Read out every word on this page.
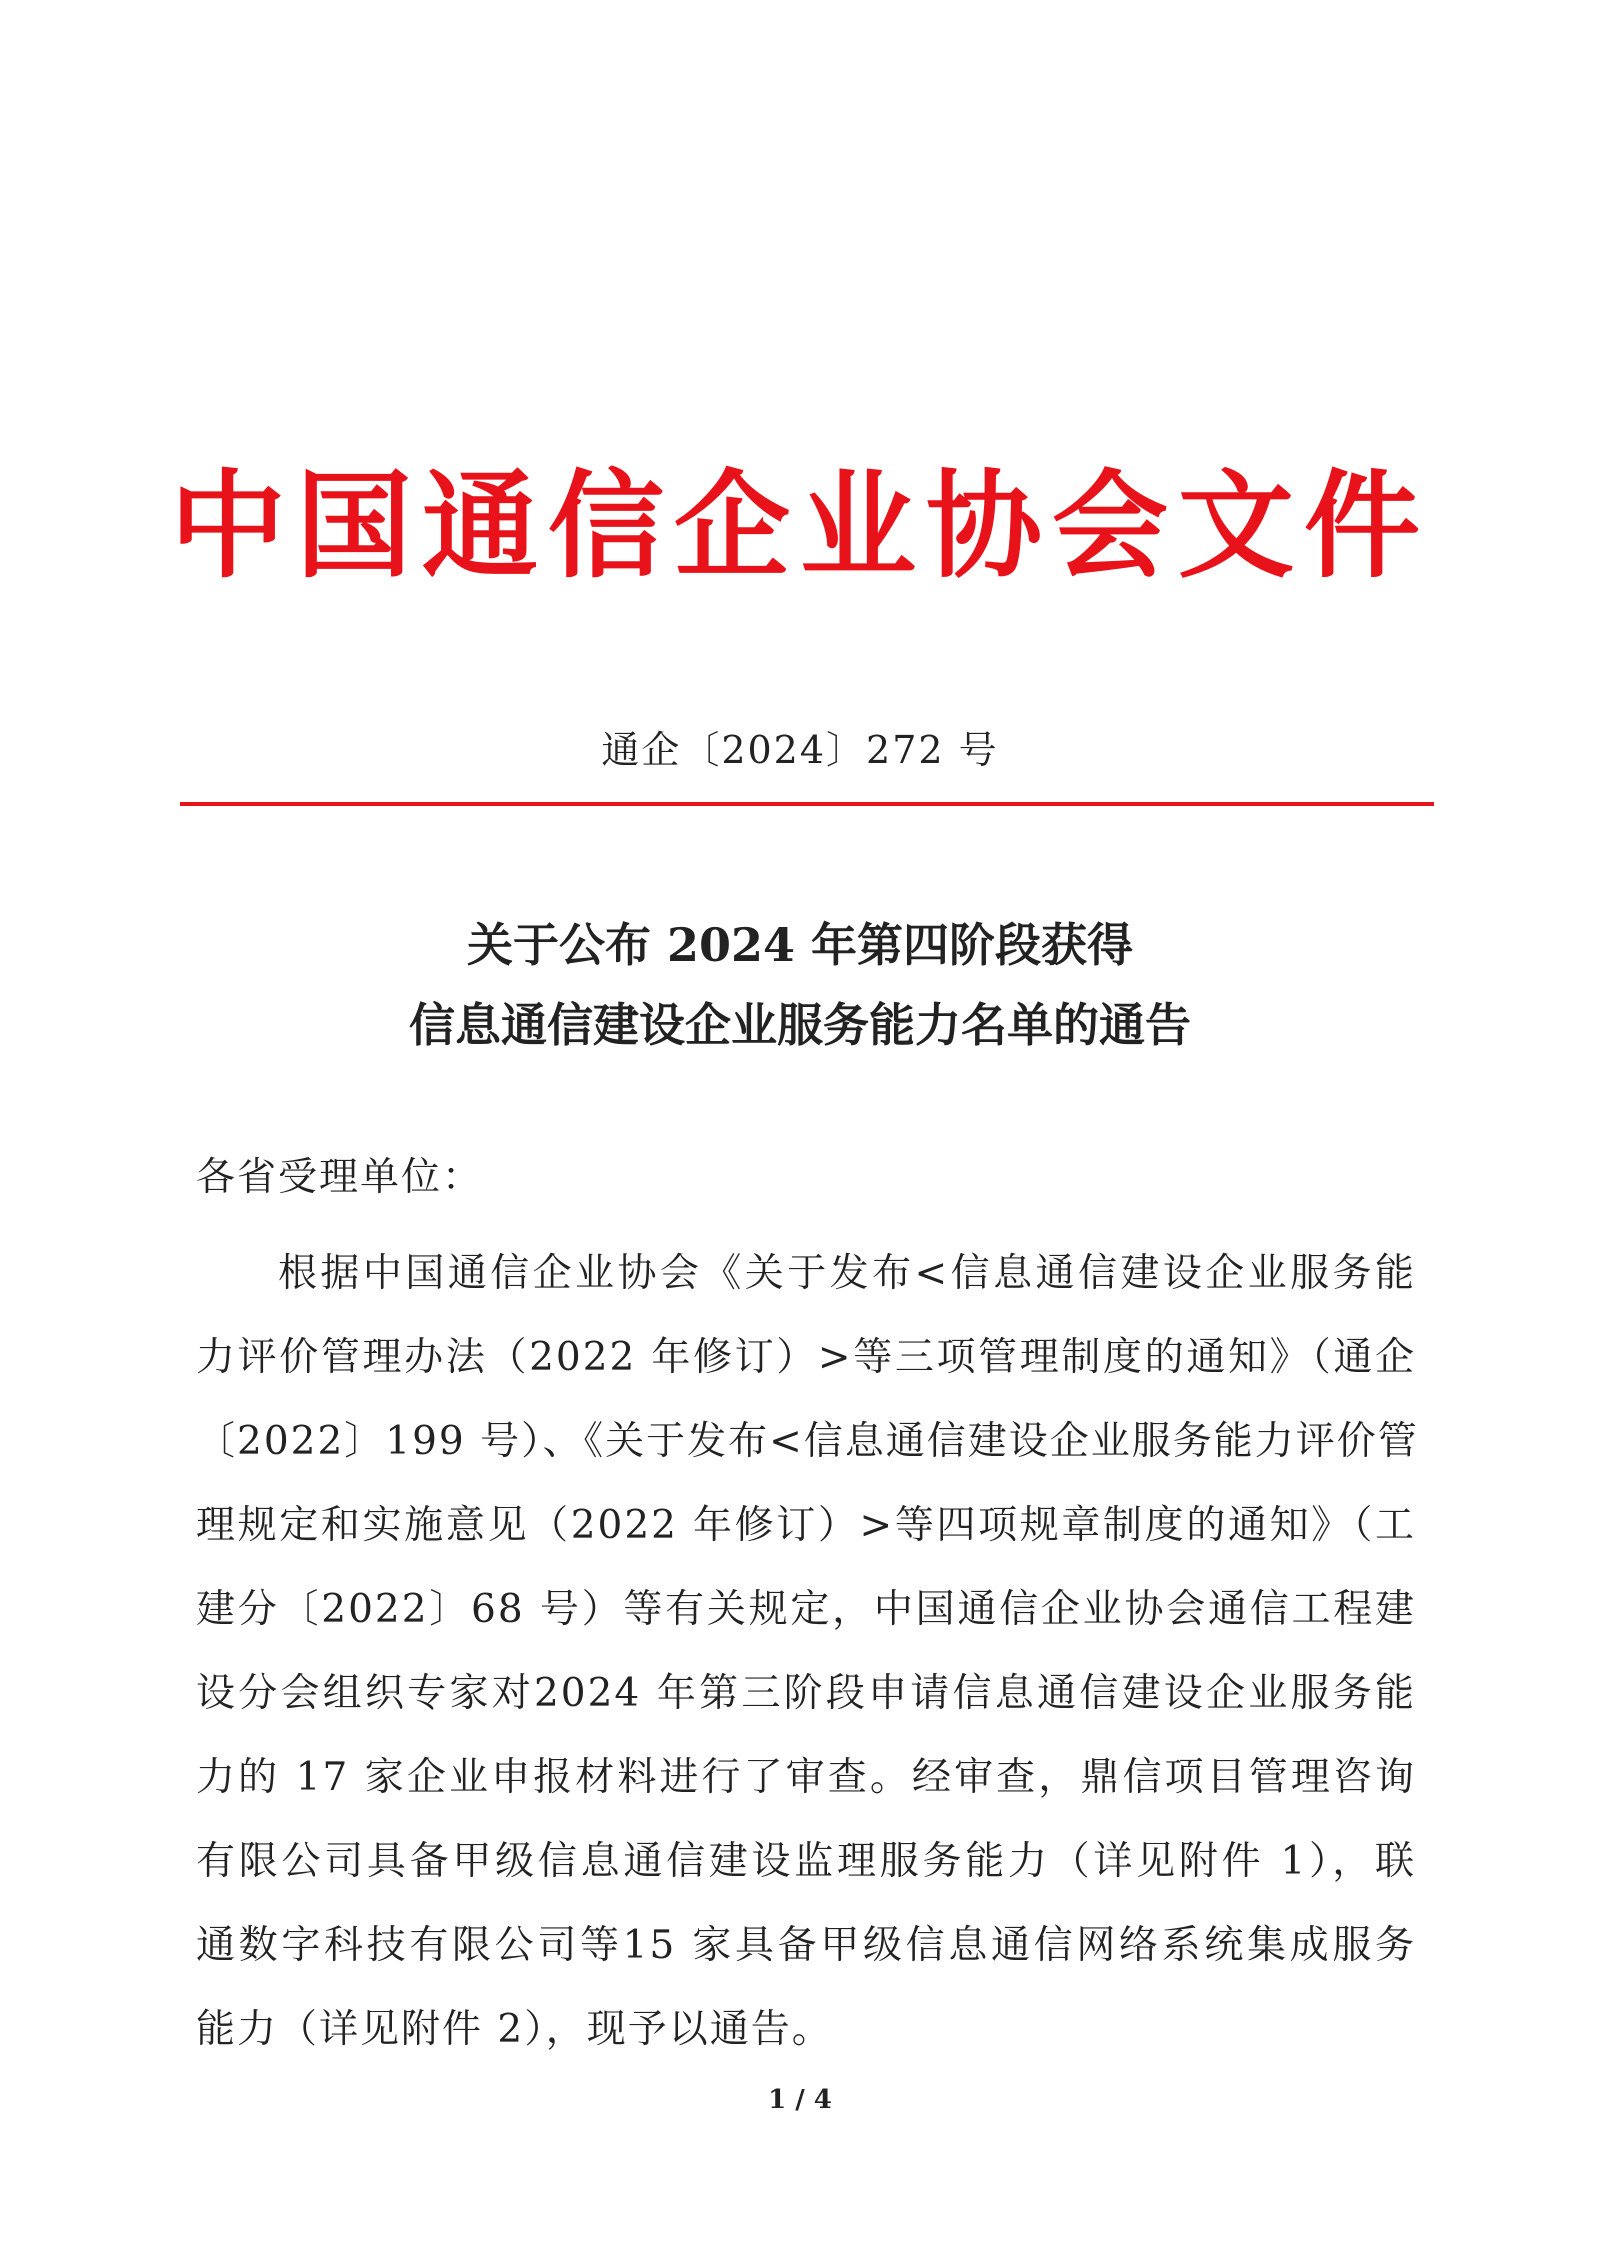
中国通信企业协会文件
通企〔2024〕272 号
关于公布 2024 年第四阶段获得
信息通信建设企业服务能力名单的通告
各省受理单位：
根据中国通信企业协会《关于发布<信息通信建设企业服务能
力评价管理办法（2022 年修订）>等三项管理制度的通知》（通企
〔2022〕199 号）、《关于发布<信息通信建设企业服务能力评价管
理规定和实施意见（2022 年修订）>等四项规章制度的通知》（工
建分〔2022〕68 号）等有关规定，中国通信企业协会通信工程建
设分会组织专家对2024 年第三阶段申请信息通信建设企业服务能
力的 17 家企业申报材料进行了审查。经审查，鼎信项目管理咨询
有限公司具备甲级信息通信建设监理服务能力（详见附件 1），联
通数字科技有限公司等15 家具备甲级信息通信网络系统集成服务
能力（详见附件 2），现予以通告。
1 / 4
